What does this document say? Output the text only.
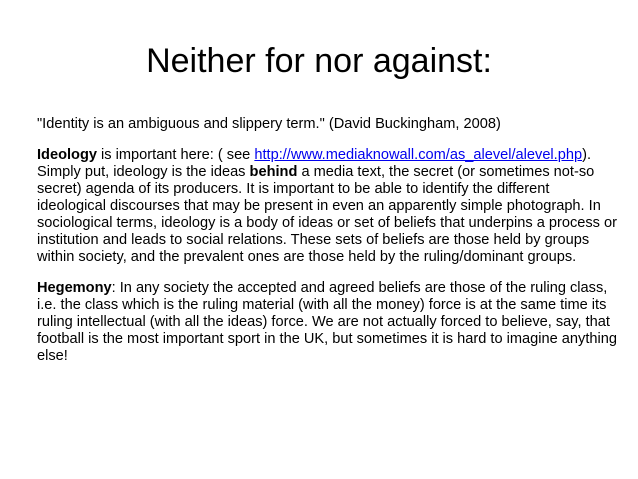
Neither for nor against:

"Identity is an ambiguous and slippery term." (David Buckingham, 2008)

Ideology is important here: ( see http://www.mediaknowall.com/as_alevel/alevel.php). Simply put, ideology is the ideas behind a media text, the secret (or sometimes not-so secret) agenda of its producers. It is important to be able to identify the different ideological discourses that may be present in even an apparently simple photograph. In sociological terms, ideology is a body of ideas or set of beliefs that underpins a process or institution and leads to social relations. These sets of beliefs are those held by groups within society, and the prevalent ones are those held by the ruling/dominant groups.

Hegemony: In any society the accepted and agreed beliefs are those of the ruling class, i.e. the class which is the ruling material (with all the money) force is at the same time its ruling intellectual (with all the ideas) force. We are not actually forced to believe, say, that football is the most important sport in the UK, but sometimes it is hard to imagine anything else!
